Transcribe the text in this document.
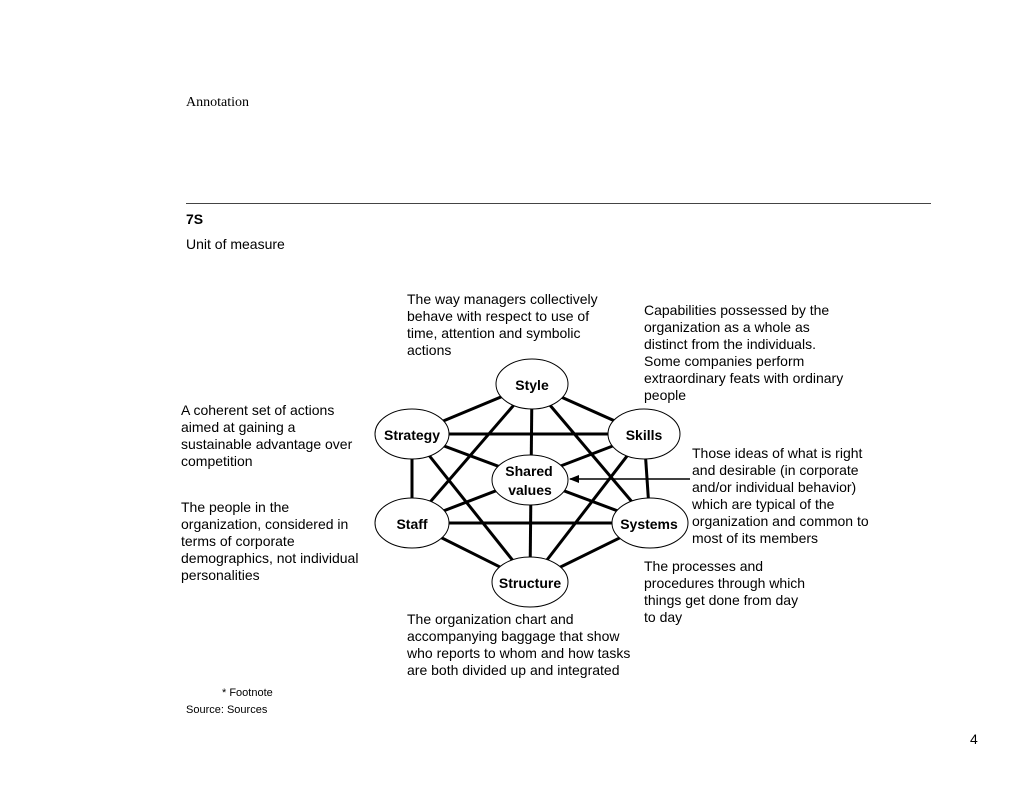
Annotation
7S
Unit of measure
Style
Strategy	Skills
Shared
values
Staff	Systems
Structure
The way managers collectively
behave with respect to use of
time, attention and symbolic
actions
Capabilities possessed by the
organization as a whole as
distinct from the individuals.
Some companies perform
extraordinary feats with ordinary
people
A coherent set of actions
aimed at gaining a
sustainable advantage over
competition	Those ideas of what is right
and desirable (in corporate
and/or individual behavior)
which are typical of the
organization and common to
most of its members
The people in the
organization, considered in
terms of corporate
demographics, not individual
personalities
The processes and
procedures through which
things get done from day
to day
The organization chart and
accompanying baggage that show
who reports to whom and how tasks
are both divided up and integrated
* Footnote
Source: Sources
4
